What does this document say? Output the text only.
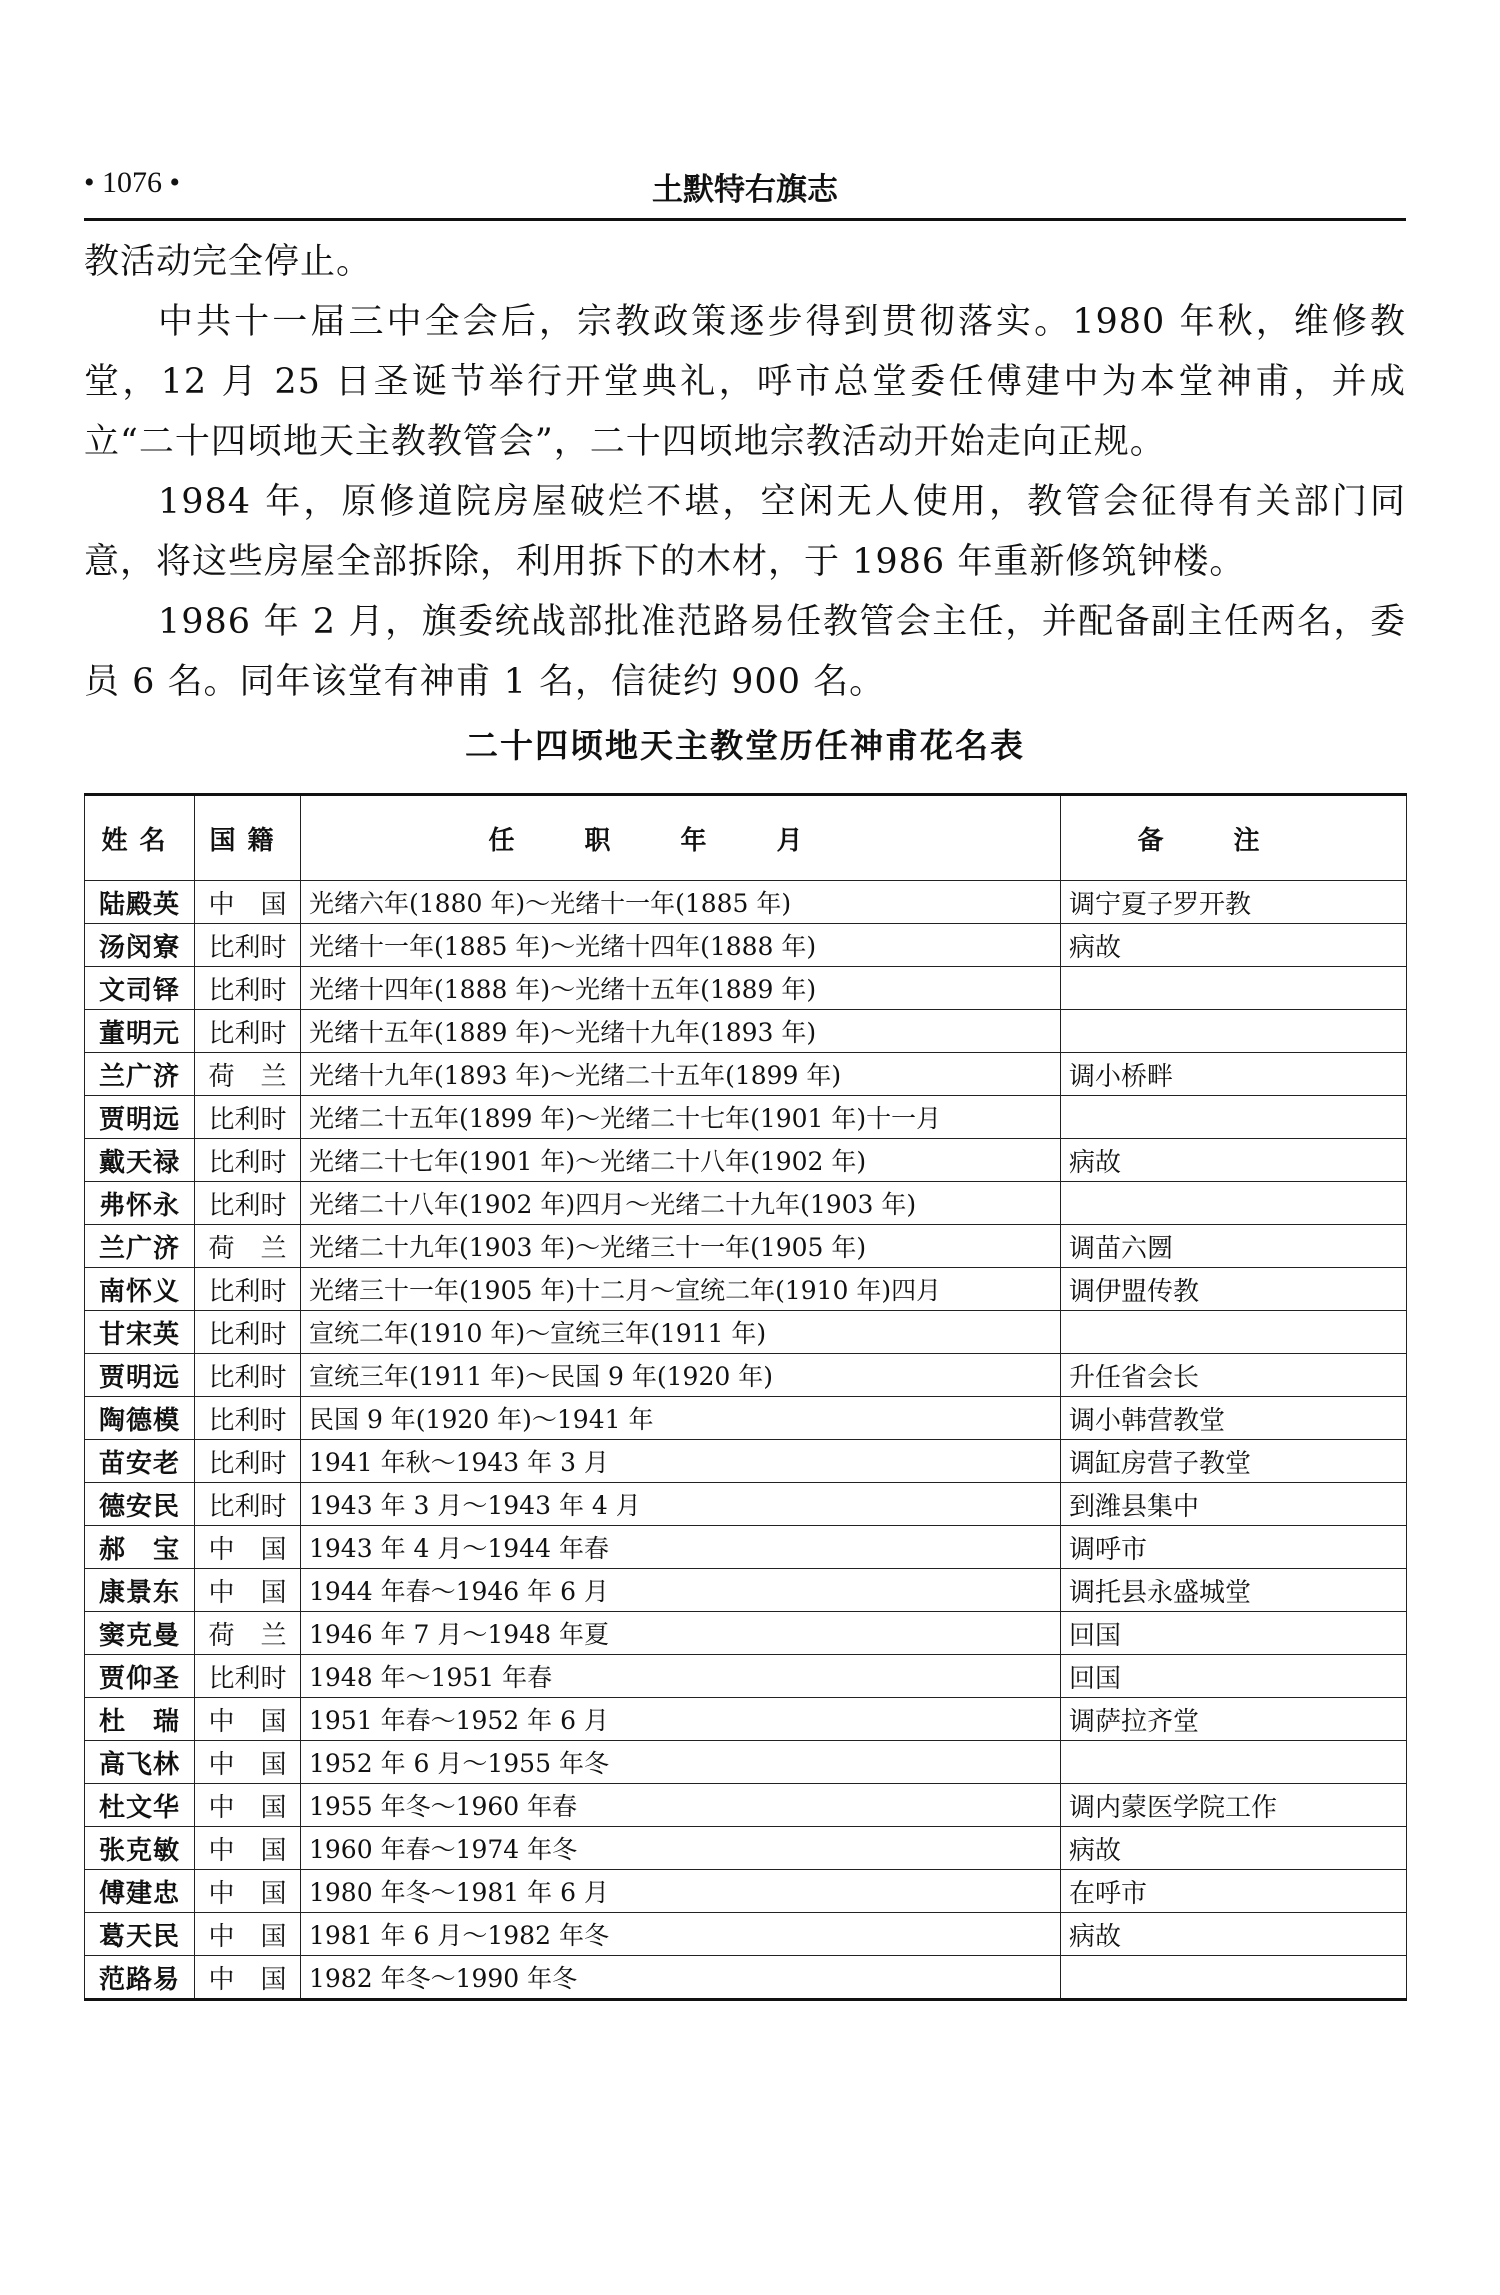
• 1076 •	土默特右旗志

教活动完全停止。

中共十一届三中全会后，宗教政策逐步得到贯彻落实。1980 年秋，维修教堂，12 月 25 日圣诞节举行开堂典礼，呼市总堂委任傅建中为本堂神甫，并成立“二十四顷地天主教教管会”，二十四顷地宗教活动开始走向正规。

1984 年，原修道院房屋破烂不堪，空闲无人使用，教管会征得有关部门同意，将这些房屋全部拆除，利用拆下的木材，于 1986 年重新修筑钟楼。

1986 年 2 月，旗委统战部批准范路易任教管会主任，并配备副主任两名，委员 6 名。同年该堂有神甫 1 名，信徒约 900 名。

二十四顷地天主教堂历任神甫花名表
姓名	国籍	任职年月	备注
陆殿英	中　国	光绪六年(1880 年)～光绪十一年(1885 年)	调宁夏子罗开教
汤闵寮	比利时	光绪十一年(1885 年)～光绪十四年(1888 年)	病故
文司铎	比利时	光绪十四年(1888 年)～光绪十五年(1889 年)	
董明元	比利时	光绪十五年(1889 年)～光绪十九年(1893 年)	
兰广济	荷　兰	光绪十九年(1893 年)～光绪二十五年(1899 年)	调小桥畔
贾明远	比利时	光绪二十五年(1899 年)～光绪二十七年(1901 年)十一月	
戴天禄	比利时	光绪二十七年(1901 年)～光绪二十八年(1902 年)	病故
弗怀永	比利时	光绪二十八年(1902 年)四月～光绪二十九年(1903 年)	
兰广济	荷　兰	光绪二十九年(1903 年)～光绪三十一年(1905 年)	调苗六圐
南怀义	比利时	光绪三十一年(1905 年)十二月～宣统二年(1910 年)四月	调伊盟传教
甘宋英	比利时	宣统二年(1910 年)～宣统三年(1911 年)	
贾明远	比利时	宣统三年(1911 年)～民国 9 年(1920 年)	升任省会长
陶德模	比利时	民国 9 年(1920 年)～1941 年	调小韩营教堂
苗安老	比利时	1941 年秋～1943 年 3 月	调缸房营子教堂
德安民	比利时	1943 年 3 月～1943 年 4 月	到潍县集中
郝　宝	中　国	1943 年 4 月～1944 年春	调呼市
康景东	中　国	1944 年春～1946 年 6 月	调托县永盛城堂
窦克曼	荷　兰	1946 年 7 月～1948 年夏	回国
贾仰圣	比利时	1948 年～1951 年春	回国
杜　瑞	中　国	1951 年春～1952 年 6 月	调萨拉齐堂
高飞林	中　国	1952 年 6 月～1955 年冬	
杜文华	中　国	1955 年冬～1960 年春	调内蒙医学院工作
张克敏	中　国	1960 年春～1974 年冬	病故
傅建忠	中　国	1980 年冬～1981 年 6 月	在呼市
葛天民	中　国	1981 年 6 月～1982 年冬	病故
范路易	中　国	1982 年冬～1990 年冬	
